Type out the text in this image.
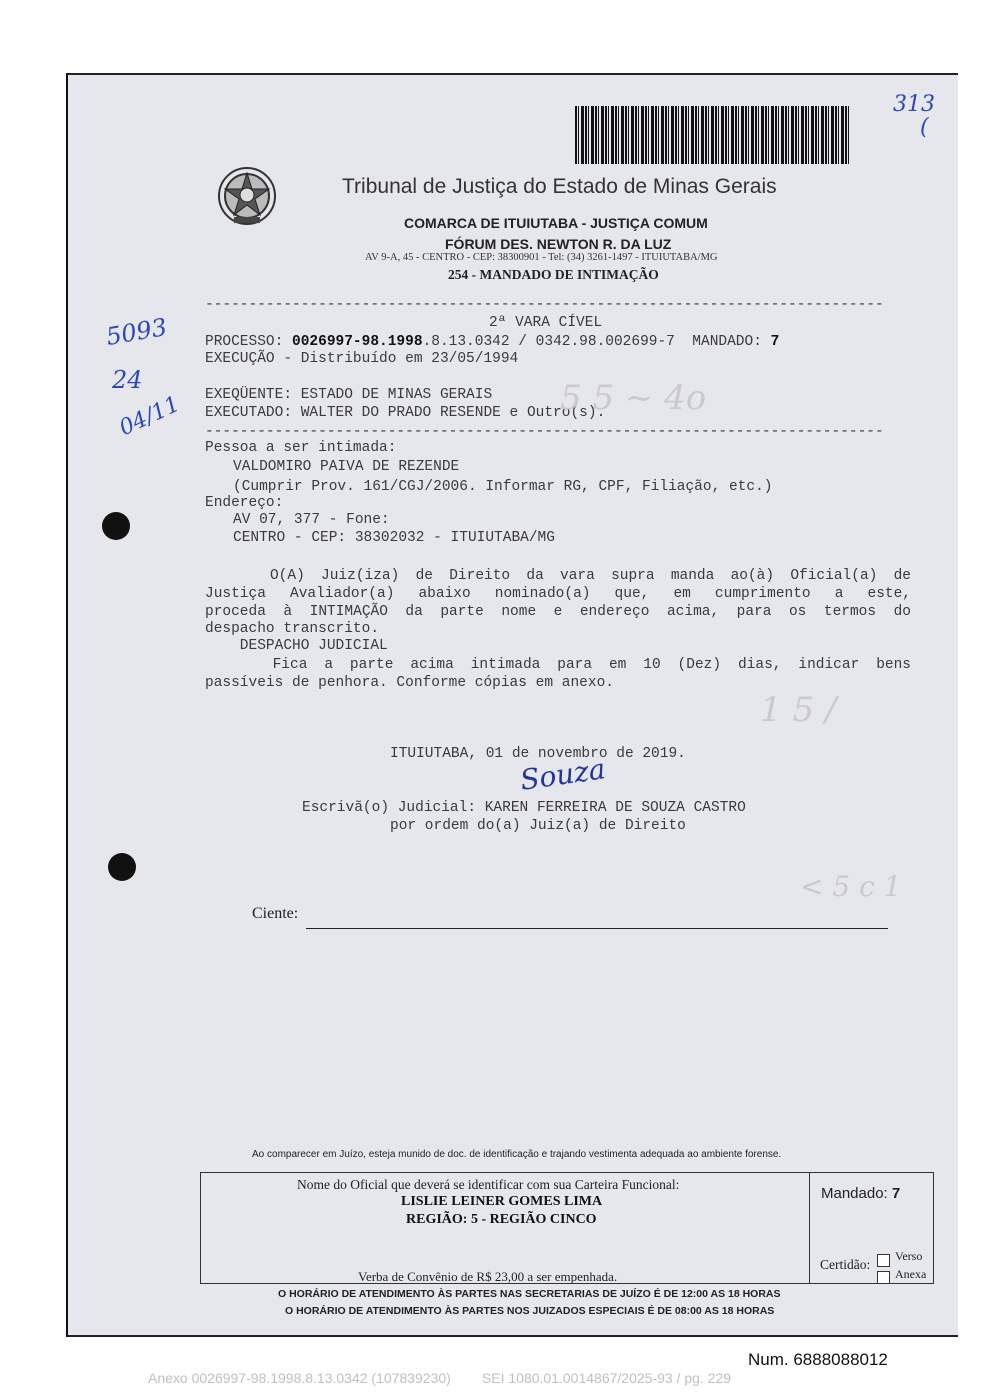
313
(
Tribunal de Justiça do Estado de Minas Gerais
COMARCA DE ITUIUTABA - JUSTIÇA COMUM
FÓRUM DES. NEWTON R. DA LUZ
AV 9-A, 45 - CENTRO - CEP: 38300901 - Tel: (34) 3261-1497 - ITUIUTABA/MG
254 - MANDADO DE INTIMAÇÃO
------------------------------------------------------------------------------
2ª VARA CÍVEL
PROCESSO: 0026997-98.1998.8.13.0342 / 0342.98.002699-7  MANDADO: 7
EXECUÇÃO - Distribuído em 23/05/1994
EXEQÜENTE: ESTADO DE MINAS GERAIS
EXECUTADO: WALTER DO PRADO RESENDE e Outro(s).
------------------------------------------------------------------------------
Pessoa a ser intimada:
VALDOMIRO PAIVA DE REZENDE
(Cumprir Prov. 161/CGJ/2006. Informar RG, CPF, Filiação, etc.)
Endereço:
AV 07, 377 - Fone:
CENTRO - CEP: 38302032 - ITUIUTABA/MG
O(A) Juiz(iza) de Direito da vara supra manda ao(à) Oficial(a) de
Justiça Avaliador(a) abaixo nominado(a) que, em cumprimento a este,
proceda à INTIMAÇÃO da parte nome e endereço acima, para os termos do
despacho transcrito.
DESPACHO JUDICIAL
Fica a parte acima intimada para em 10 (Dez) dias, indicar bens
passíveis de penhora. Conforme cópias em anexo.
ITUIUTABA, 01 de novembro de 2019.
Souza
Escrivã(o) Judicial: KAREN FERREIRA DE SOUZA CASTRO
por ordem do(a) Juiz(a) de Direito
Ciente:
5093
24
04/11	5 5 ~ 4o
1 5 /
< 5 c 1
Ao comparecer em Juízo, esteja munido de doc. de identificação e trajando vestimenta adequada ao ambiente forense.
Nome do Oficial que deverá se identificar com sua Carteira Funcional:
LISLIE LEINER GOMES LIMA
REGIÃO: 5 - REGIÃO CINCO
Verba de Convênio de R$ 23,00 a ser empenhada.
Mandado: 7
Certidão:
Verso
Anexa
O HORÁRIO DE ATENDIMENTO ÀS PARTES NAS SECRETARIAS DE JUÍZO É DE 12:00 AS 18 HORAS
O HORÁRIO DE ATENDIMENTO ÀS PARTES NOS JUIZADOS ESPECIAIS É DE 08:00 AS 18 HORAS
Num. 6888088012
Anexo 0026997-98.1998.8.13.0342 (107839230)        SEI 1080.01.0014867/2025-93 / pg. 229
